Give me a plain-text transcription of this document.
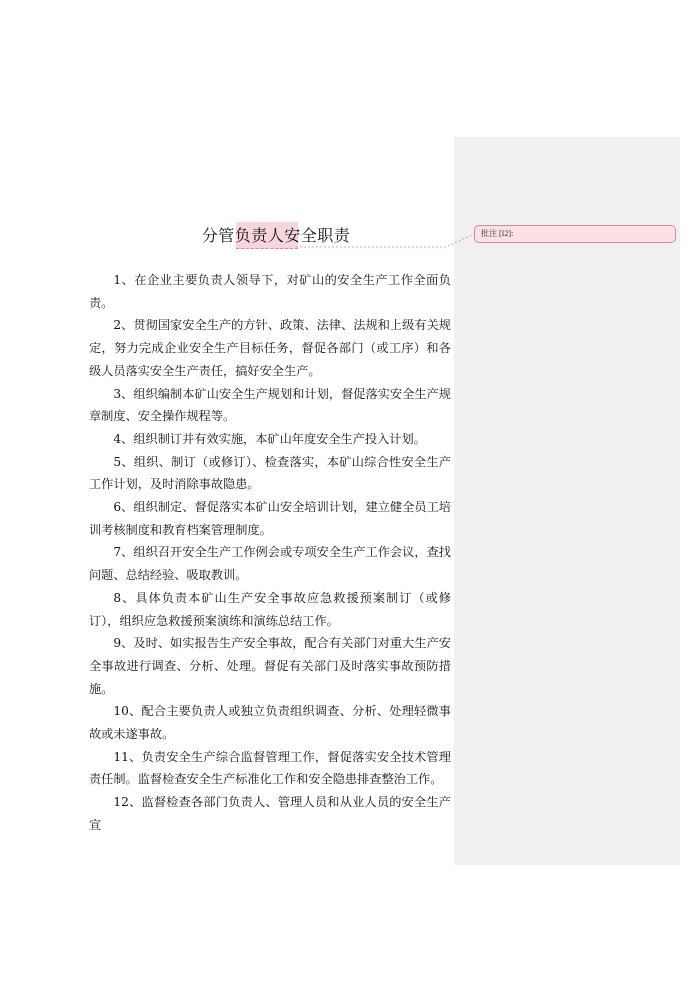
分管负责人安全职责	批注 [I2]:

1、在企业主要负责人领导下，对矿山的安全生产工作全面负责。

2、贯彻国家安全生产的方针、政策、法律、法规和上级有关规定，努力完成企业安全生产目标任务，督促各部门（或工序）和各级人员落实安全生产责任，搞好安全生产。

3、组织编制本矿山安全生产规划和计划，督促落实安全生产规章制度、安全操作规程等。

4、组织制订并有效实施，本矿山年度安全生产投入计划。

5、组织、制订（或修订）、检查落实，本矿山综合性安全生产工作计划，及时消除事故隐患。

6、组织制定、督促落实本矿山安全培训计划，建立健全员工培训考核制度和教育档案管理制度。

7、组织召开安全生产工作例会或专项安全生产工作会议，查找问题、总结经验、吸取教训。

8、具体负责本矿山生产安全事故应急救援预案制订（或修订），组织应急救援预案演练和演练总结工作。

9、及时、如实报告生产安全事故，配合有关部门对重大生产安全事故进行调查、分析、处理。督促有关部门及时落实事故预防措施。

10、配合主要负责人或独立负责组织调查、分析、处理轻微事故或未遂事故。

11、负责安全生产综合监督管理工作，督促落实安全技术管理责任制。监督检查安全生产标准化工作和安全隐患排查整治工作。

12、监督检查各部门负责人、管理人员和从业人员的安全生产宣
